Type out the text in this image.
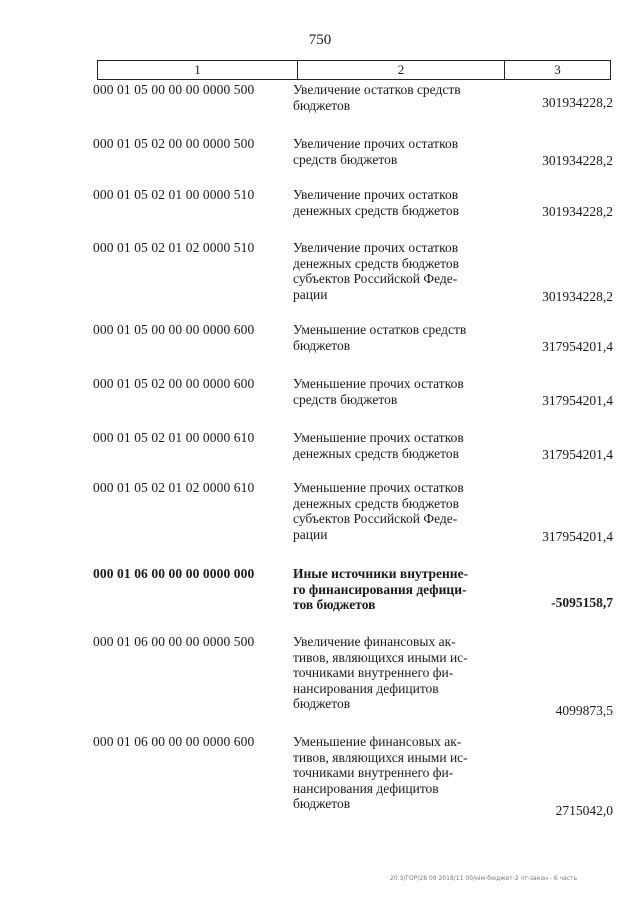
750
1	2	3
000 01 05 00 00 00 0000 500	Увеличение остатков средств
бюджетов	301934228,2
000 01 05 02 00 00 0000 500	Увеличение прочих остатков
средств бюджетов	301934228,2
000 01 05 02 01 00 0000 510	Увеличение прочих остатков
денежных средств бюджетов	301934228,2
000 01 05 02 01 02 0000 510	Увеличение прочих остатков
денежных средств бюджетов
субъектов Российской Феде-
рации	301934228,2
000 01 05 00 00 00 0000 600	Уменьшение остатков средств
бюджетов	317954201,4
000 01 05 02 00 00 0000 600	Уменьшение прочих остатков
средств бюджетов	317954201,4
000 01 05 02 01 00 0000 610	Уменьшение прочих остатков
денежных средств бюджетов	317954201,4
000 01 05 02 01 02 0000 610	Уменьшение прочих остатков
денежных средств бюджетов
субъектов Российской Феде-
рации	317954201,4
000 01 06 00 00 00 0000 000	Иные источники внутренне-
го финансирования дефици-
тов бюджетов	-5095158,7
000 01 06 00 00 00 0000 500	Увеличение финансовых ак-
тивов, являющихся иными ис-
точниками внутреннего фи-
нансирования дефицитов
бюджетов	4099873,5
000 01 06 00 00 00 0000 600	Уменьшение финансовых ак-
тивов, являющихся иными ис-
точниками внутреннего фи-
нансирования дефицитов
бюджетов	2715042,0
20.3/ГОР/28 09 2018/11 00/нiм-бюджет-2 чт-закон - 6 часть
